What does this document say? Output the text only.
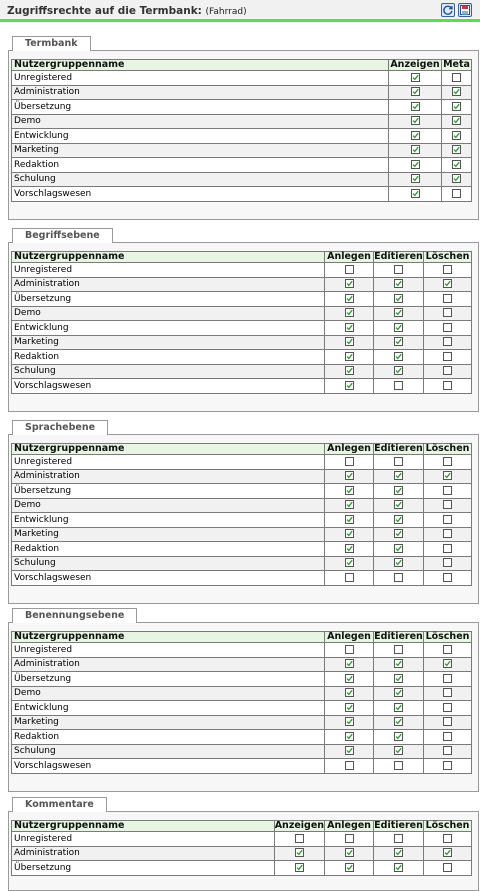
Zugriffsrechte auf die Termbank: (Fahrrad)
Termbank
Nutzergruppenname	Anzeigen	Meta
Unregistered	

Administration	

Übersetzung	

Demo	

Entwicklung	

Marketing	

Redaktion	

Schulung	

Vorschlagswesen	

Begriffsebene
Nutzergruppenname	Anlegen	Editieren	Löschen
Unregistered			
Administration	

Übersetzung	

Demo	

Entwicklung	

Marketing	

Redaktion	

Schulung	

Vorschlagswesen	

Sprachebene
Nutzergruppenname	Anlegen	Editieren	Löschen
Unregistered			
Administration	

Übersetzung	

Demo	

Entwicklung	

Marketing	

Redaktion	

Schulung	

Vorschlagswesen			
Benennungsebene
Nutzergruppenname	Anlegen	Editieren	Löschen
Unregistered			
Administration	

Übersetzung	

Demo	

Entwicklung	

Marketing	

Redaktion	

Schulung	

Vorschlagswesen			
Kommentare
Nutzergruppenname	Anzeigen	Anlegen	Editieren	Löschen
Unregistered				
Administration	

Übersetzung	
